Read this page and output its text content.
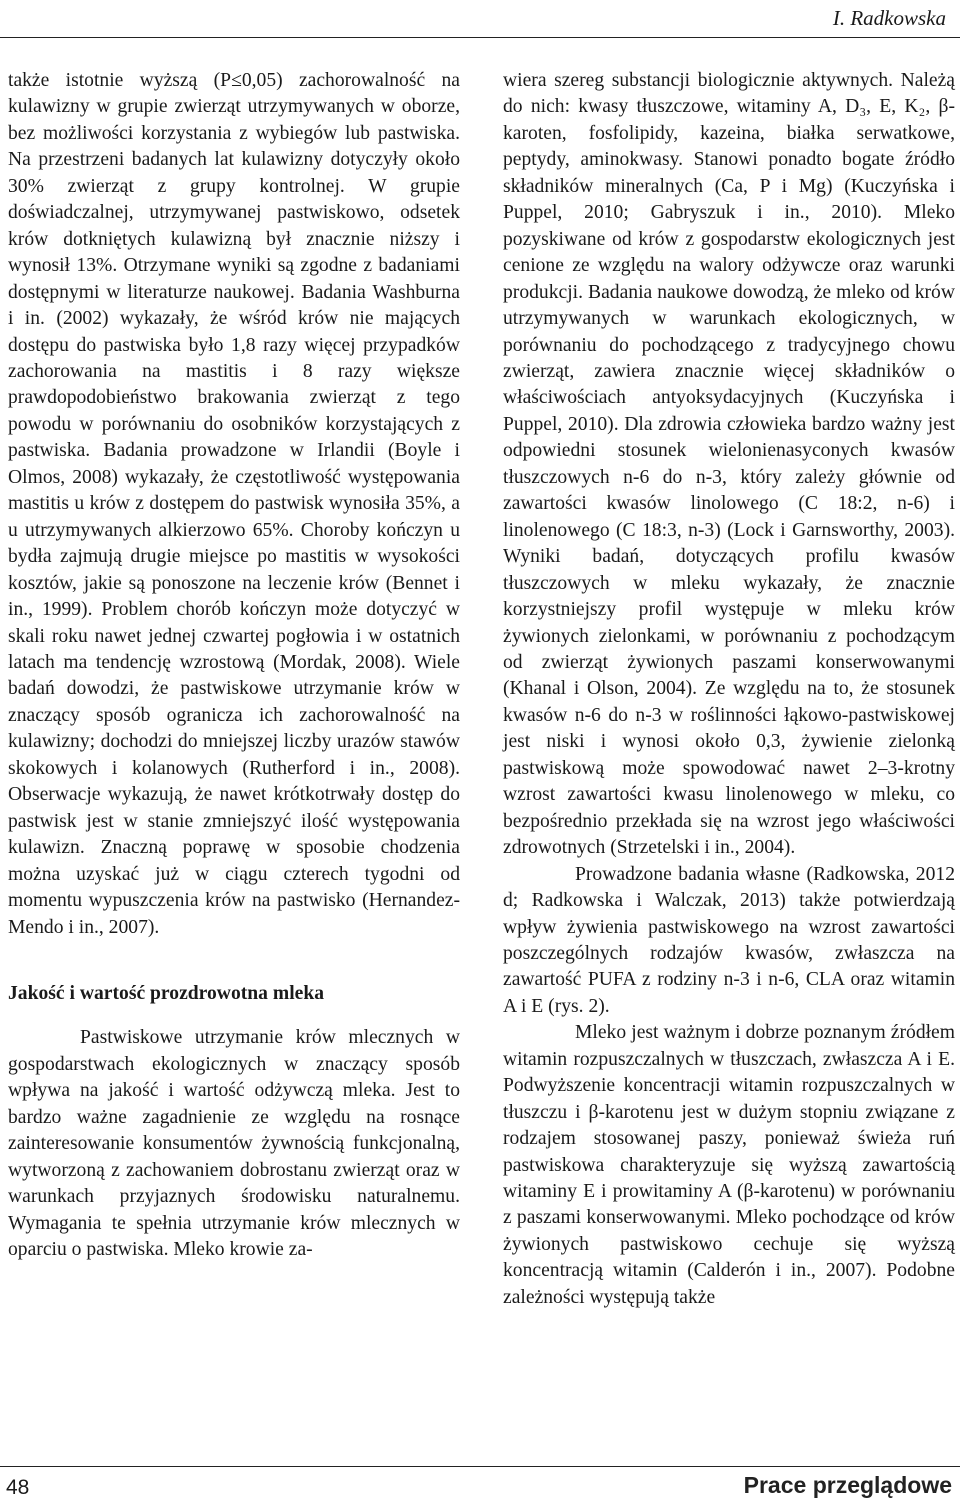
I. Radkowska

także istotnie wyższą (P≤0,05) zachorowalność na kulawizny w grupie zwierząt utrzymywanych w oborze, bez możliwości korzystania z wybiegów lub pastwiska. Na przestrzeni badanych lat kulawizny dotyczyły około 30% zwierząt z grupy kontrolnej. W grupie doświadczalnej, utrzymywanej pastwiskowo, odsetek krów dotkniętych kulawizną był znacznie niższy i wynosił 13%. Otrzymane wyniki są zgodne z badaniami dostępnymi w literaturze naukowej. Badania Washburna i in. (2002) wykazały, że wśród krów nie mających dostępu do pastwiska było 1,8 razy więcej przypadków zachorowania na mastitis i 8 razy większe prawdopodobieństwo brakowania zwierząt z tego powodu w porównaniu do osobników korzystających z pastwiska. Badania prowadzone w Irlandii (Boyle i Olmos, 2008) wykazały, że częstotliwość występowania mastitis u krów z dostępem do pastwisk wynosiła 35%, a u utrzymywanych alkierzowo 65%. Choroby kończyn u bydła zajmują drugie miejsce po mastitis w wysokości kosztów, jakie są ponoszone na leczenie krów (Bennet i in., 1999). Problem chorób kończyn może dotyczyć w skali roku nawet jednej czwartej pogłowia i w ostatnich latach ma tendencję wzrostową (Mordak, 2008). Wiele badań dowodzi, że pastwiskowe utrzymanie krów w znaczący sposób ogranicza ich zachorowalność na kulawizny; dochodzi do mniejszej liczby urazów stawów skokowych i kolanowych (Rutherford i in., 2008). Obserwacje wykazują, że nawet krótkotrwały dostęp do pastwisk jest w stanie zmniejszyć ilość występowania kulawizn. Znaczną poprawę w sposobie chodzenia można uzyskać już w ciągu czterech tygodni od momentu wypuszczenia krów na pastwisko (Hernandez-Mendo i in., 2007).

Jakość i wartość prozdrowotna mleka

Pastwiskowe utrzymanie krów mlecznych w gospodarstwach ekologicznych w znaczący sposób wpływa na jakość i wartość odżywczą mleka. Jest to bardzo ważne zagadnienie ze względu na rosnące zainteresowanie konsumentów żywnością funkcjonalną, wytworzoną z zachowaniem dobrostanu zwierząt oraz w warunkach przyjaznych środowisku naturalnemu. Wymagania te spełnia utrzymanie krów mlecznych w oparciu o pastwiska. Mleko krowie za-

wiera szereg substancji biologicznie aktywnych. Należą do nich: kwasy tłuszczowe, witaminy A, D₃, E, K₂, β-karoten, fosfolipidy, kazeina, białka serwatkowe, peptydy, aminokwasy. Stanowi ponadto bogate źródło składników mineralnych (Ca, P i Mg) (Kuczyńska i Puppel, 2010; Gabryszuk i in., 2010). Mleko pozyskiwane od krów z gospodarstw ekologicznych jest cenione ze względu na walory odżywcze oraz warunki produkcji. Badania naukowe dowodzą, że mleko od krów utrzymywanych w warunkach ekologicznych, w porównaniu do pochodzącego z tradycyjnego chowu zwierząt, zawiera znacznie więcej składników o właściwościach antyoksydacyjnych (Kuczyńska i Puppel, 2010). Dla zdrowia człowieka bardzo ważny jest odpowiedni stosunek wielonienasyconych kwasów tłuszczowych n-6 do n-3, który zależy głównie od zawartości kwasów linolowego (C 18:2, n-6) i linolenowego (C 18:3, n-3) (Lock i Garnsworthy, 2003). Wyniki badań, dotyczących profilu kwasów tłuszczowych w mleku wykazały, że znacznie korzystniejszy profil występuje w mleku krów żywionych zielonkami, w porównaniu z pochodzącym od zwierząt żywionych paszami konserwowanymi (Khanal i Olson, 2004). Ze względu na to, że stosunek kwasów n-6 do n-3 w roślinności łąkowo-pastwiskowej jest niski i wynosi około 0,3, żywienie zielonką pastwiskową może spowodować nawet 2–3-krotny wzrost zawartości kwasu linolenowego w mleku, co bezpośrednio przekłada się na wzrost jego właściwości zdrowotnych (Strzetelski i in., 2004).

Prowadzone badania własne (Radkowska, 2012 d; Radkowska i Walczak, 2013) także potwierdzają wpływ żywienia pastwiskowego na wzrost zawartości poszczególnych rodzajów kwasów, zwłaszcza na zawartość PUFA z rodziny n-3 i n-6, CLA oraz witamin A i E (rys. 2).

Mleko jest ważnym i dobrze poznanym źródłem witamin rozpuszczalnych w tłuszczach, zwłaszcza A i E. Podwyższenie koncentracji witamin rozpuszczalnych w tłuszczu i β-karotenu jest w dużym stopniu związane z rodzajem stosowanej paszy, ponieważ świeża ruń pastwiskowa charakteryzuje się wyższą zawartością witaminy E i prowitaminy A (β-karotenu) w porównaniu z paszami konserwowanymi. Mleko pochodzące od krów żywionych pastwiskowo cechuje się wyższą koncentracją witamin (Calderón i in., 2007). Podobne zależności występują także

48	Prace przeglądowe
